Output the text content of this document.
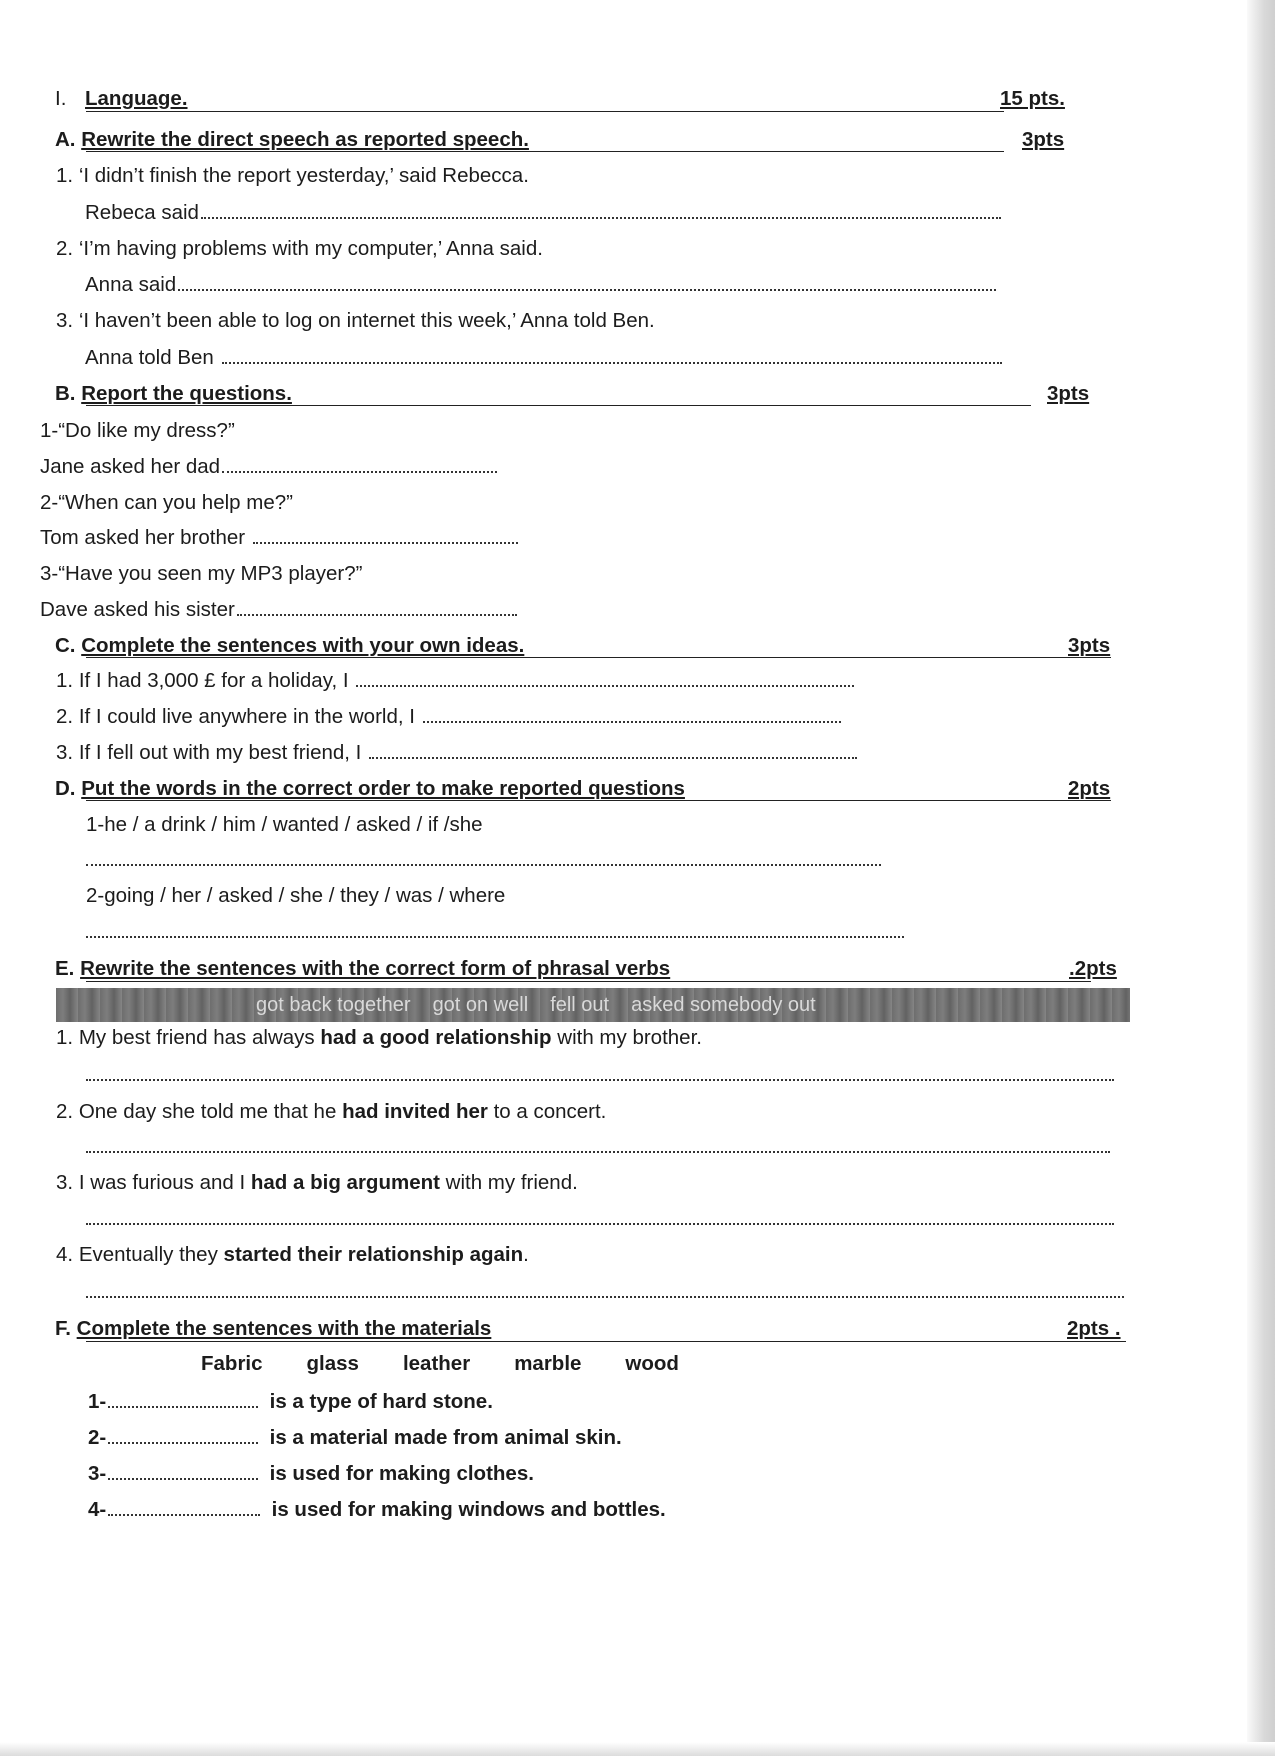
I. Language.	15 pts.
A. Rewrite the direct speech as reported speech.	3pts
1. ‘I didn’t finish the report yesterday,’ said Rebecca.
Rebeca said
2. ‘I’m having problems with my computer,’ Anna said.
Anna said
3. ‘I haven’t been able to log on internet this week,’ Anna told Ben.
Anna told Ben
B. Report the questions.	3pts
1-“Do like my dress?”
Jane asked her dad
2-“When can you help me?”
Tom asked her brother
3-“Have you seen my MP3 player?”
Dave asked his sister
C. Complete the sentences with your own ideas.	3pts
1. If I had 3,000 £ for a holiday, I
2. If I could live anywhere in the world, I
3. If I fell out with my best friend, I
D. Put the words in the correct order to make reported questions	2pts
1-he / a drink / him / wanted / asked / if /she
2-going / her / asked / she / they / was / where
E. Rewrite the sentences with the correct form of phrasal verbs	.2pts
got back together got on well fell out asked somebody out
1. My best friend has always had a good relationship with my brother.
2. One day she told me that he had invited her to a concert.
3. I was furious and I had a big argument with my friend.
4. Eventually they started their relationship again.
F. Complete the sentences with the materials	2pts .
Fabric glass leather marble wood
1-	is a type of hard stone.
2-	is a material made from animal skin.
3-	is used for making clothes.
4-	is used for making windows and bottles.
